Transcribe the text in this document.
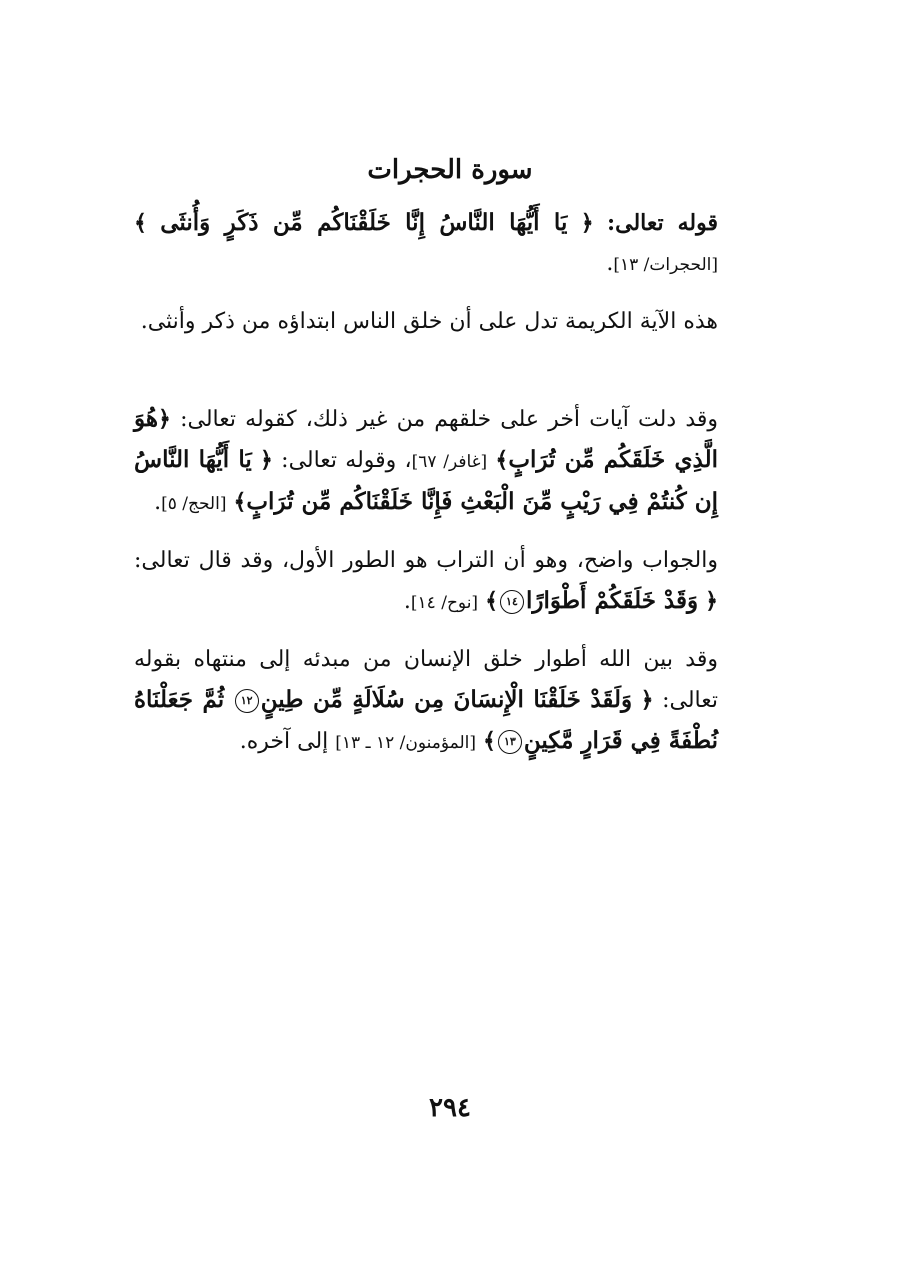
سورة الحجرات

قوله تعالى: ﴿ يَا أَيُّهَا النَّاسُ إِنَّا خَلَقْنَاكُم مِّن ذَكَرٍ وَأُنثَى ﴾ [الحجرات/ ١٣].

هذه الآية الكريمة تدل على أن خلق الناس ابتداؤه من ذكر وأنثى.

وقد دلت آيات أخر على خلقهم من غير ذلك، كقوله تعالى: ﴿هُوَ الَّذِي خَلَقَكُم مِّن تُرَابٍ﴾ [غافر/ ٦٧]، وقوله تعالى: ﴿ يَا أَيُّهَا النَّاسُ إِن كُنتُمْ فِي رَيْبٍ مِّنَ الْبَعْثِ فَإِنَّا خَلَقْنَاكُم مِّن تُرَابٍ﴾ [الحج/ ٥].

والجواب واضح، وهو أن التراب هو الطور الأول، وقد قال تعالى: ﴿ وَقَدْ خَلَقَكُمْ أَطْوَارًا١٤﴾ [نوح/ ١٤].

وقد بين الله أطوار خلق الإنسان من مبدئه إلى منتهاه بقوله تعالى: ﴿ وَلَقَدْ خَلَقْنَا الْإِنسَانَ مِن سُلَالَةٍ مِّن طِينٍ١٢ ثُمَّ جَعَلْنَاهُ نُطْفَةً فِي قَرَارٍ مَّكِينٍ١٣﴾ [المؤمنون/ ١٢ ـ ١٣] إلى آخره.

٢٩٤
